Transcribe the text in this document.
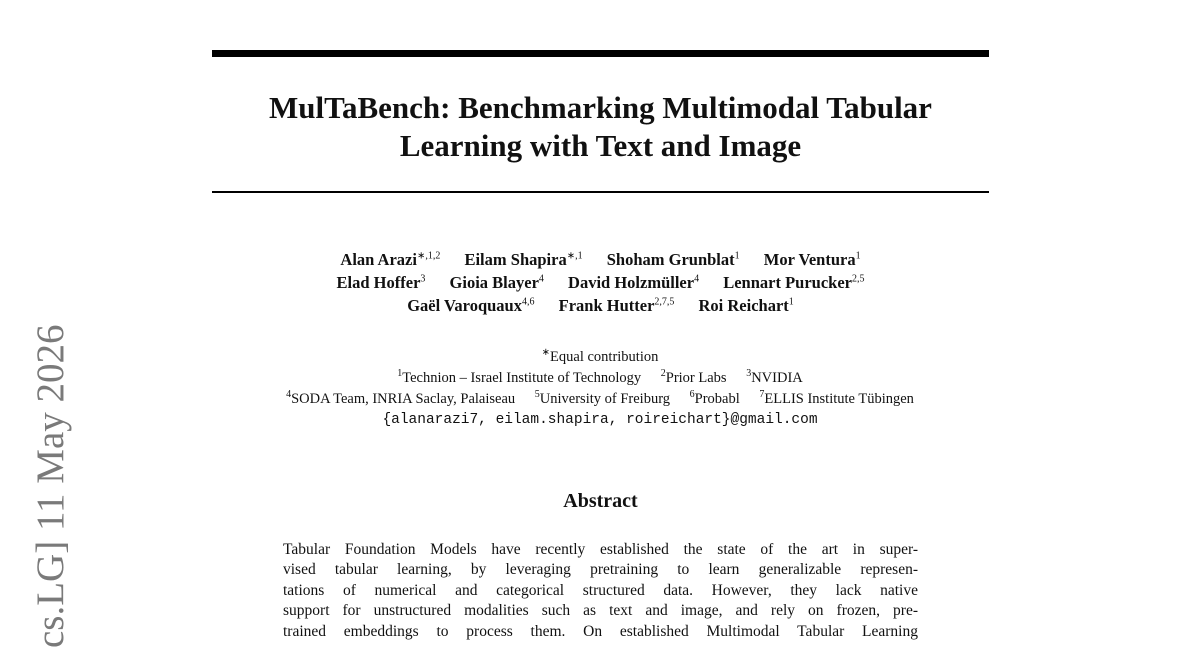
cs.LG] 11 May 2026
MulTaBench: Benchmarking Multimodal Tabular
Learning with Text and Image
Alan Arazi$^{∗,1,2}$ Eilam Shapira$^{∗,1}$ Shoham Grunblat$^1$ Mor Ventura$^1$
Elad Hoffer$^3$ Gioia Blayer$^4$ David Holzmüller$^4$ Lennart Purucker$^{2,5}$
Gaël Varoquaux$^{4,6}$ Frank Hutter$^{2,7,5}$ Roi Reichart$^1$
∗Equal contribution
$^1$Technion – Israel Institute of Technology $^2$Prior Labs $^3$NVIDIA
$^4$SODA Team, INRIA Saclay, Palaiseau $^5$University of Freiburg $^6$Probabl $^7$ELLIS Institute Tübingen
{alanarazi7, eilam.shapira, roireichart}@gmail.com
Abstract
Tabular Foundation Models have recently established the state of the art in super-
vised tabular learning, by leveraging pretraining to learn generalizable represen-
tations of numerical and categorical structured data. However, they lack native
support for unstructured modalities such as text and image, and rely on frozen, pre-
trained embeddings to process them. On established Multimodal Tabular Learning
